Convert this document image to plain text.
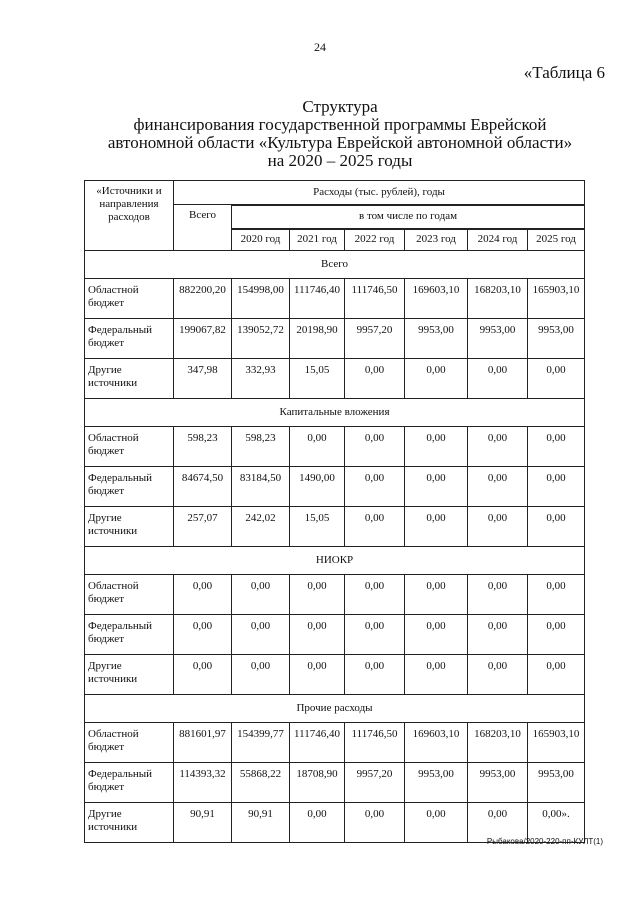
24
«Таблица 6
Структура
финансирования государственной программы Еврейской
автономной области «Культура Еврейской автономной области»
на 2020 – 2025 годы
«Источники и направления расходов	Расходы (тыс. рублей), годы						
	Всего	в том числе по годам					
		2020 год	2021 год	2022 год	2023 год	2024 год	2025 год
Всего							
Областной бюджет	882200,20	154998,00	111746,40	111746,50	169603,10	168203,10	165903,10
Федеральный бюджет	199067,82	139052,72	20198,90	9957,20	9953,00	9953,00	9953,00
Другие источники	347,98	332,93	15,05	0,00	0,00	0,00	0,00
Капитальные вложения							
Областной бюджет	598,23	598,23	0,00	0,00	0,00	0,00	0,00
Федеральный бюджет	84674,50	83184,50	1490,00	0,00	0,00	0,00	0,00
Другие источники	257,07	242,02	15,05	0,00	0,00	0,00	0,00
НИОКР							
Областной бюджет	0,00	0,00	0,00	0,00	0,00	0,00	0,00
Федеральный бюджет	0,00	0,00	0,00	0,00	0,00	0,00	0,00
Другие источники	0,00	0,00	0,00	0,00	0,00	0,00	0,00
Прочие расходы							
Областной бюджет	881601,97	154399,77	111746,40	111746,50	169603,10	168203,10	165903,10
Федеральный бюджет	114393,32	55868,22	18708,90	9957,20	9953,00	9953,00	9953,00
Другие источники	90,91	90,91	0,00	0,00	0,00	0,00	0,00».
Рыбакова/2020-220-пп-КУЛТ(1)
